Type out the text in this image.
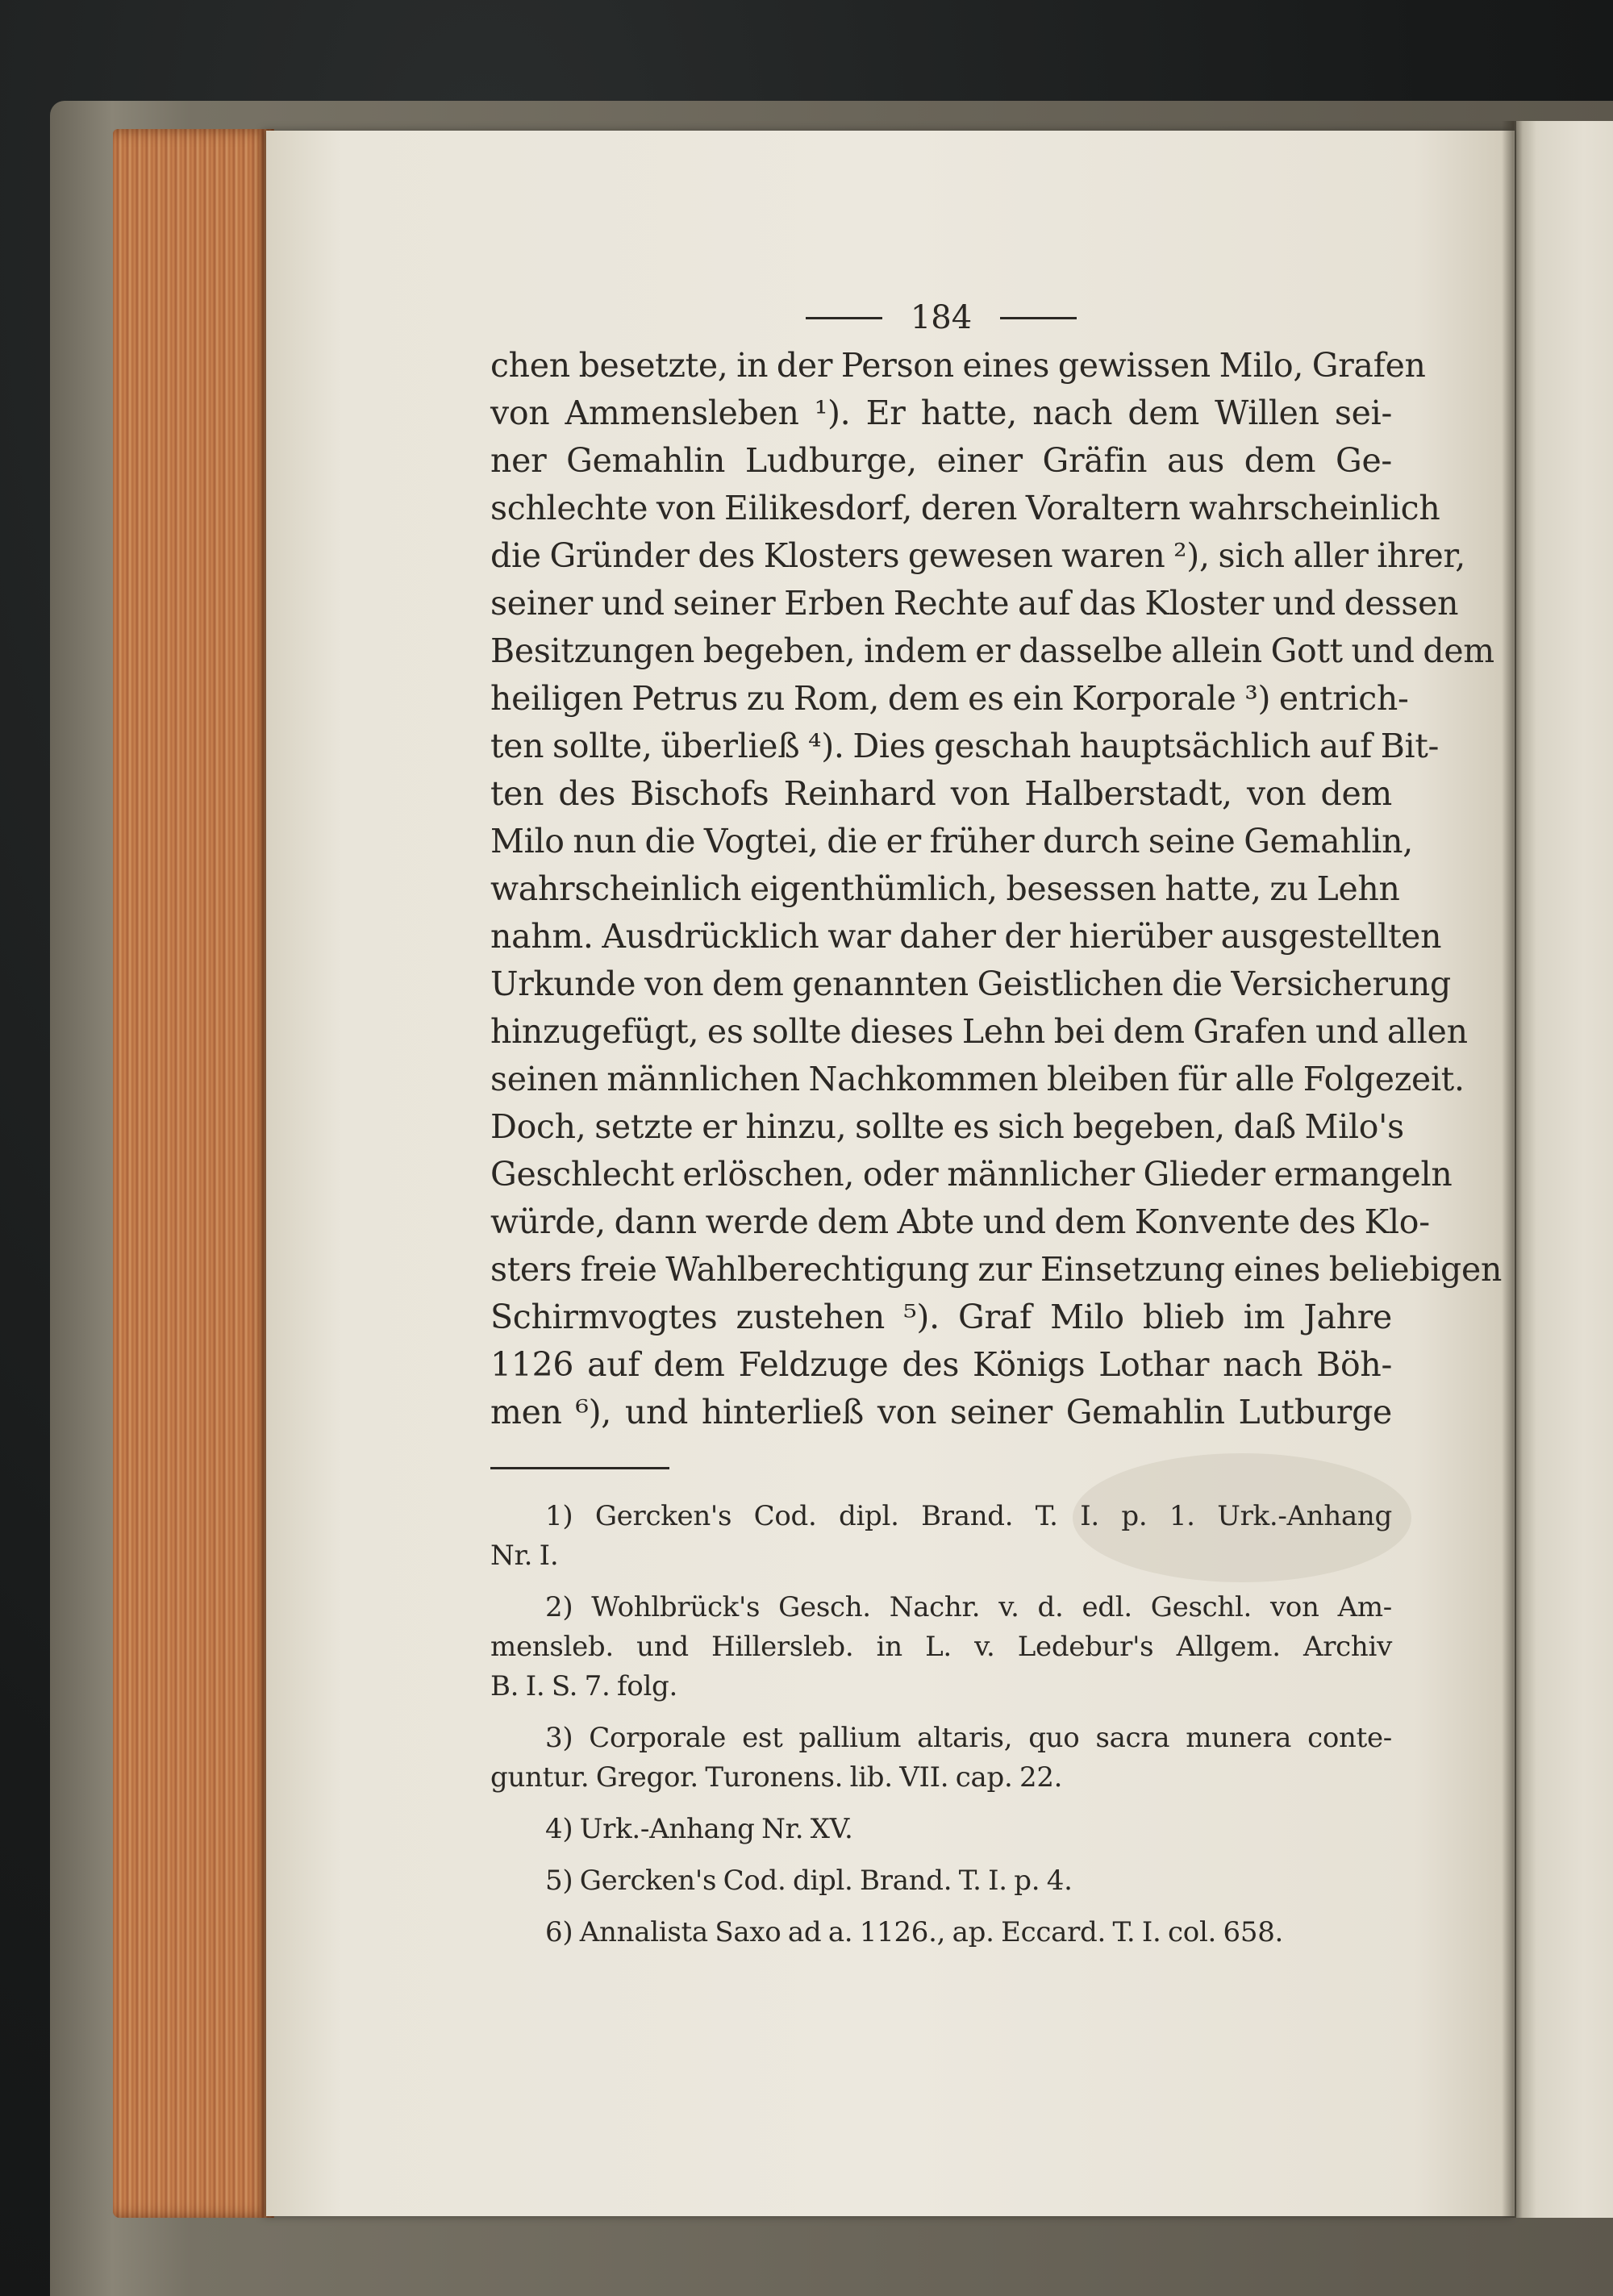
184
chen besetzte, in der Person eines gewissen Milo, Grafen
von Ammensleben ¹). Er hatte, nach dem Willen sei-
ner Gemahlin Ludburge, einer Gräfin aus dem Ge-
schlechte von Eilikesdorf, deren Voraltern wahrscheinlich
die Gründer des Klosters gewesen waren ²), sich aller ihrer,
seiner und seiner Erben Rechte auf das Kloster und dessen
Besitzungen begeben, indem er dasselbe allein Gott und dem
heiligen Petrus zu Rom, dem es ein Korporale ³) entrich-
ten sollte, überließ ⁴). Dies geschah hauptsächlich auf Bit-
ten des Bischofs Reinhard von Halberstadt, von dem
Milo nun die Vogtei, die er früher durch seine Gemahlin,
wahrscheinlich eigenthümlich, besessen hatte, zu Lehn
nahm. Ausdrücklich war daher der hierüber ausgestellten
Urkunde von dem genannten Geistlichen die Versicherung
hinzugefügt, es sollte dieses Lehn bei dem Grafen und allen
seinen männlichen Nachkommen bleiben für alle Folgezeit.
Doch, setzte er hinzu, sollte es sich begeben, daß Milo's
Geschlecht erlöschen, oder männlicher Glieder ermangeln
würde, dann werde dem Abte und dem Konvente des Klo-
sters freie Wahlberechtigung zur Einsetzung eines beliebigen
Schirmvogtes zustehen ⁵). Graf Milo blieb im Jahre
1126 auf dem Feldzuge des Königs Lothar nach Böh-
men ⁶), und hinterließ von seiner Gemahlin Lutburge
1) Gercken's Cod. dipl. Brand. T. I. p. 1. Urk.-Anhang
Nr. I.
2) Wohlbrück's Gesch. Nachr. v. d. edl. Geschl. von Am-
mensleb. und Hillersleb. in L. v. Ledebur's Allgem. Archiv
B. I. S. 7. folg.
3) Corporale est pallium altaris, quo sacra munera conte-
guntur. Gregor. Turonens. lib. VII. cap. 22.
4) Urk.-Anhang Nr. XV.
5) Gercken's Cod. dipl. Brand. T. I. p. 4.
6) Annalista Saxo ad a. 1126., ap. Eccard. T. I. col. 658.
